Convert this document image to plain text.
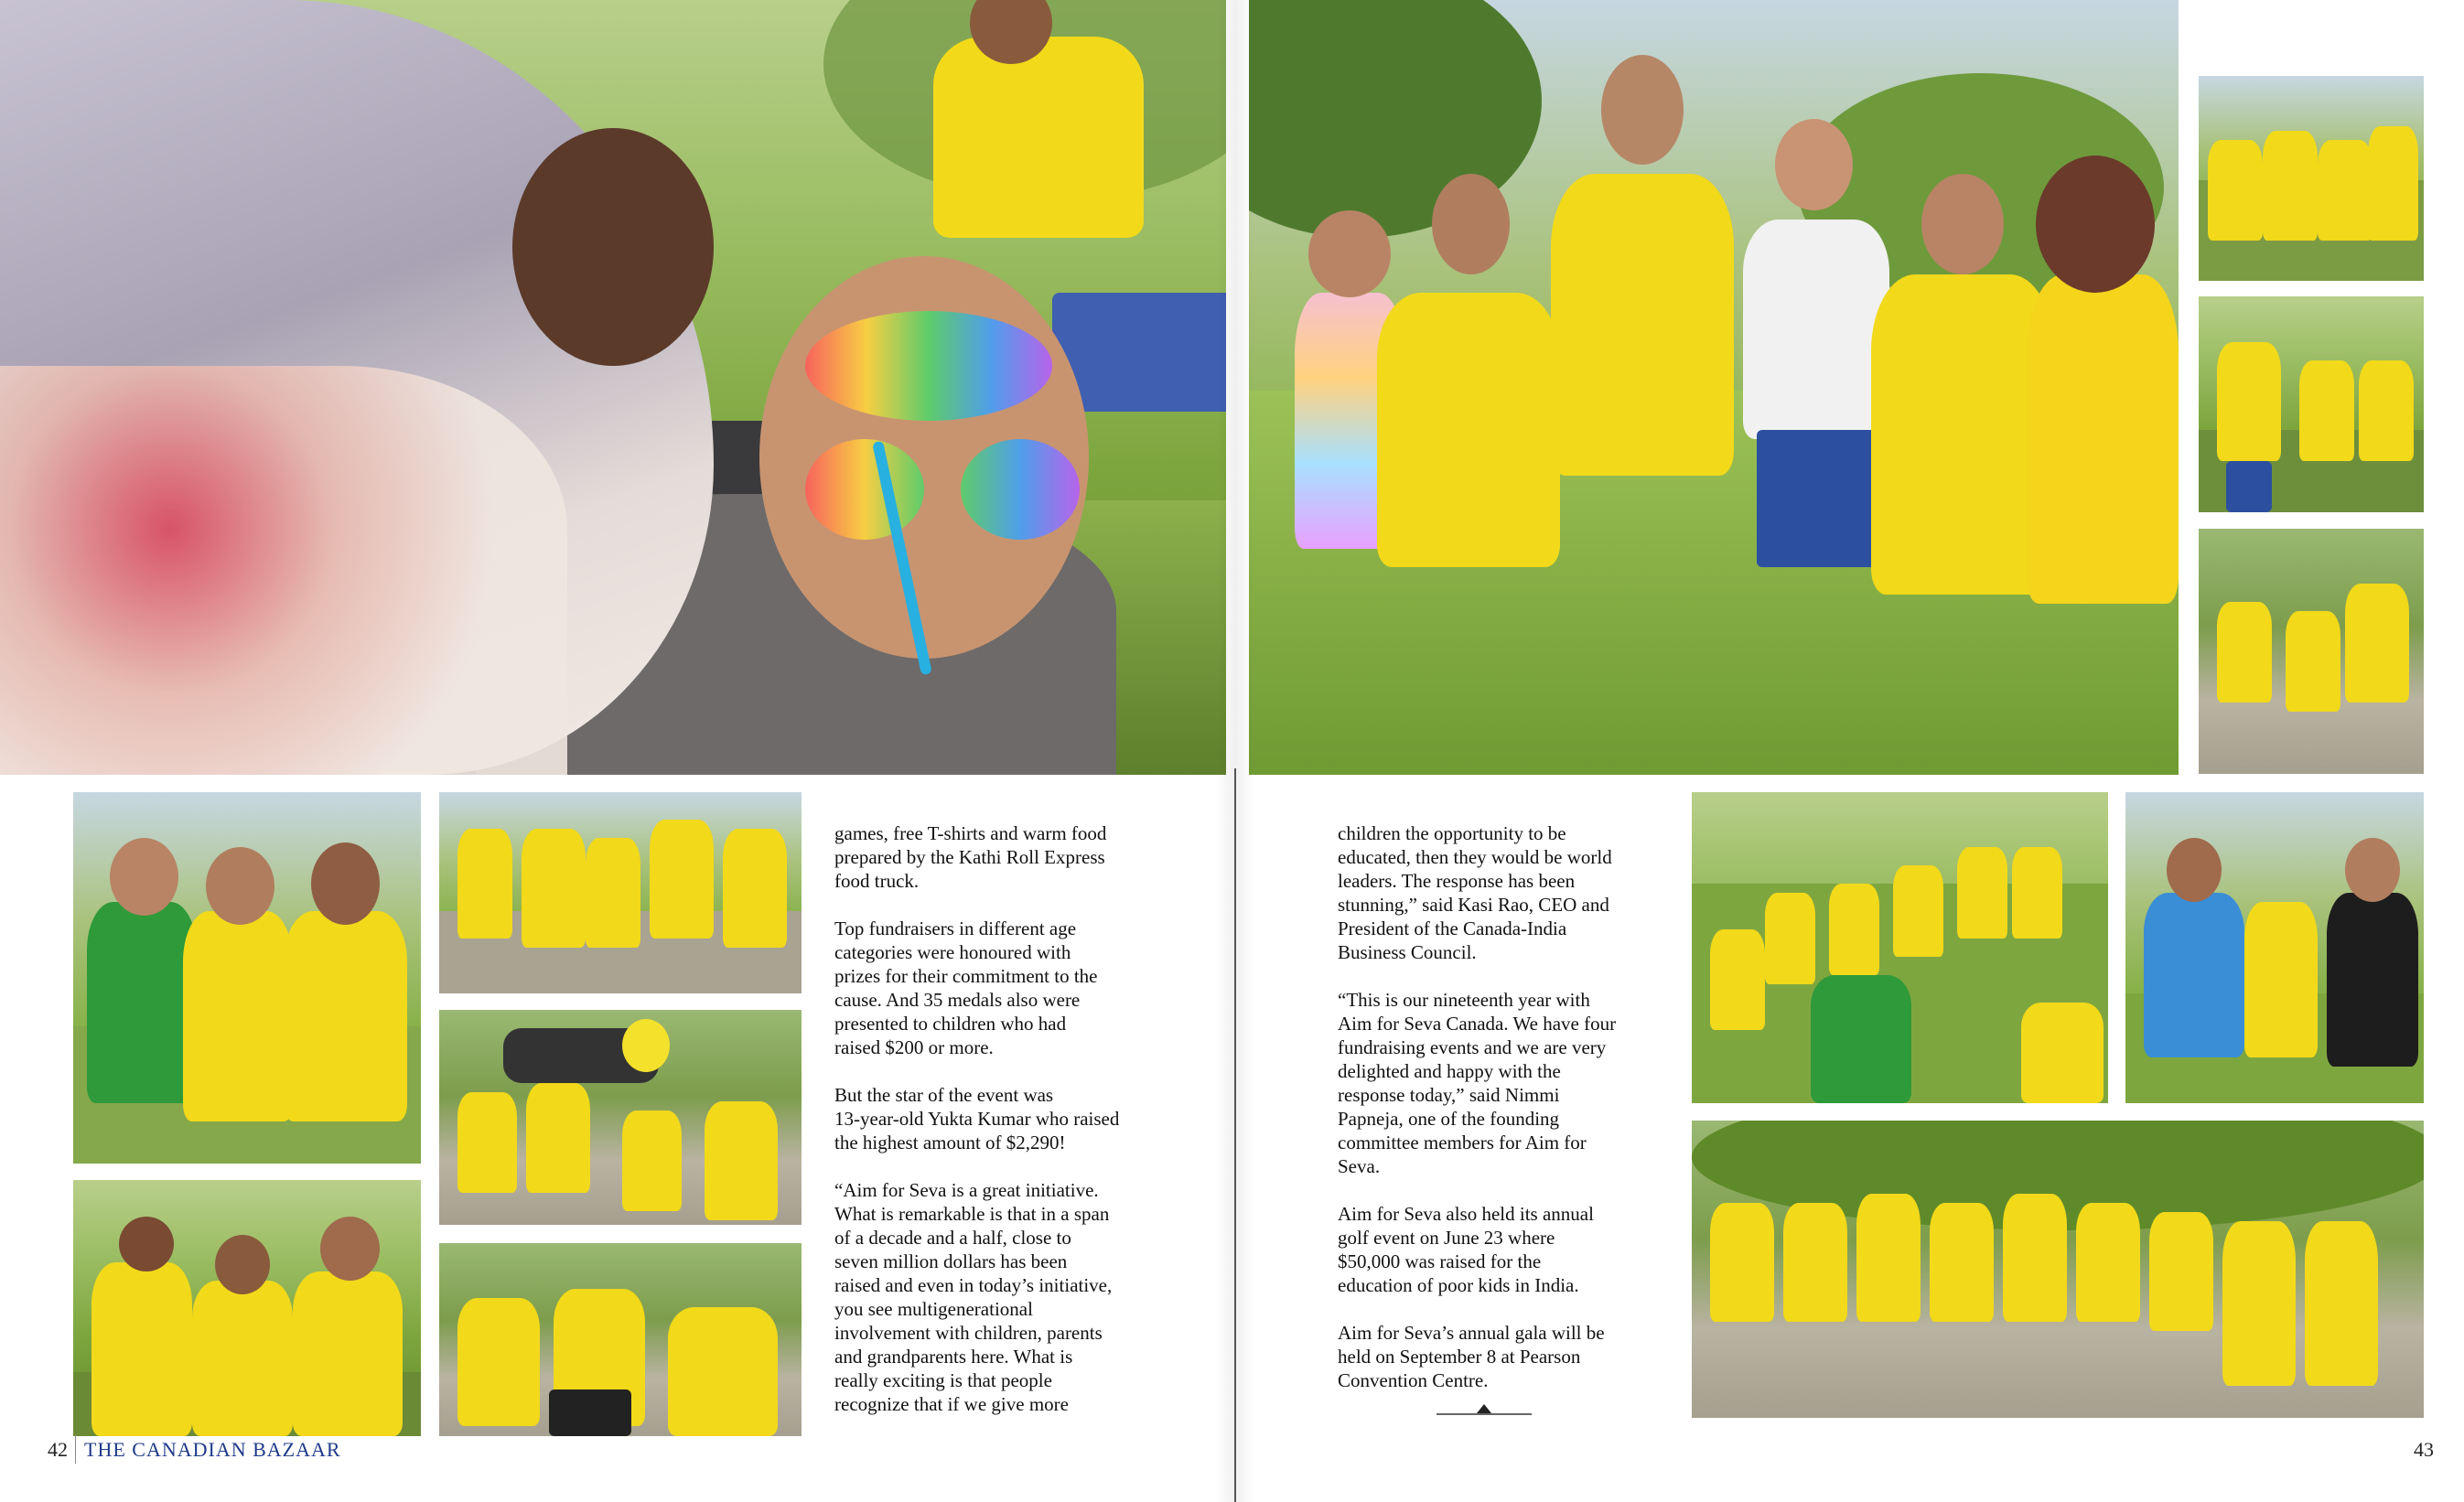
games, free T-shirts and warm food
prepared by the Kathi Roll Express
food truck.

Top fundraisers in different age
categories were honoured with
prizes for their commitment to the
cause. And 35 medals also were
presented to children who had
raised $200 or more.

But the star of the event was
13-year-old Yukta Kumar who raised
the highest amount of $2,290!

“Aim for Seva is a great initiative.
What is remarkable is that in a span
of a decade and a half, close to
seven million dollars has been
raised and even in today’s initiative,
you see multigenerational
involvement with children, parents
and grandparents here. What is
really exciting is that people
recognize that if we give more

children the opportunity to be
educated, then they would be world
leaders. The response has been
stunning,” said Kasi Rao, CEO and
President of the Canada-India
Business Council.

“This is our nineteenth year with
Aim for Seva Canada. We have four
fundraising events and we are very
delighted and happy with the
response today,” said Nimmi
Papneja, one of the founding
committee members for Aim for
Seva.

Aim for Seva also held its annual
golf event on June 23 where
$50,000 was raised for the
education of poor kids in India.

Aim for Seva’s annual gala will be
held on September 8 at Pearson
Convention Centre.

42 THE CANADIAN BAZAAR	43
